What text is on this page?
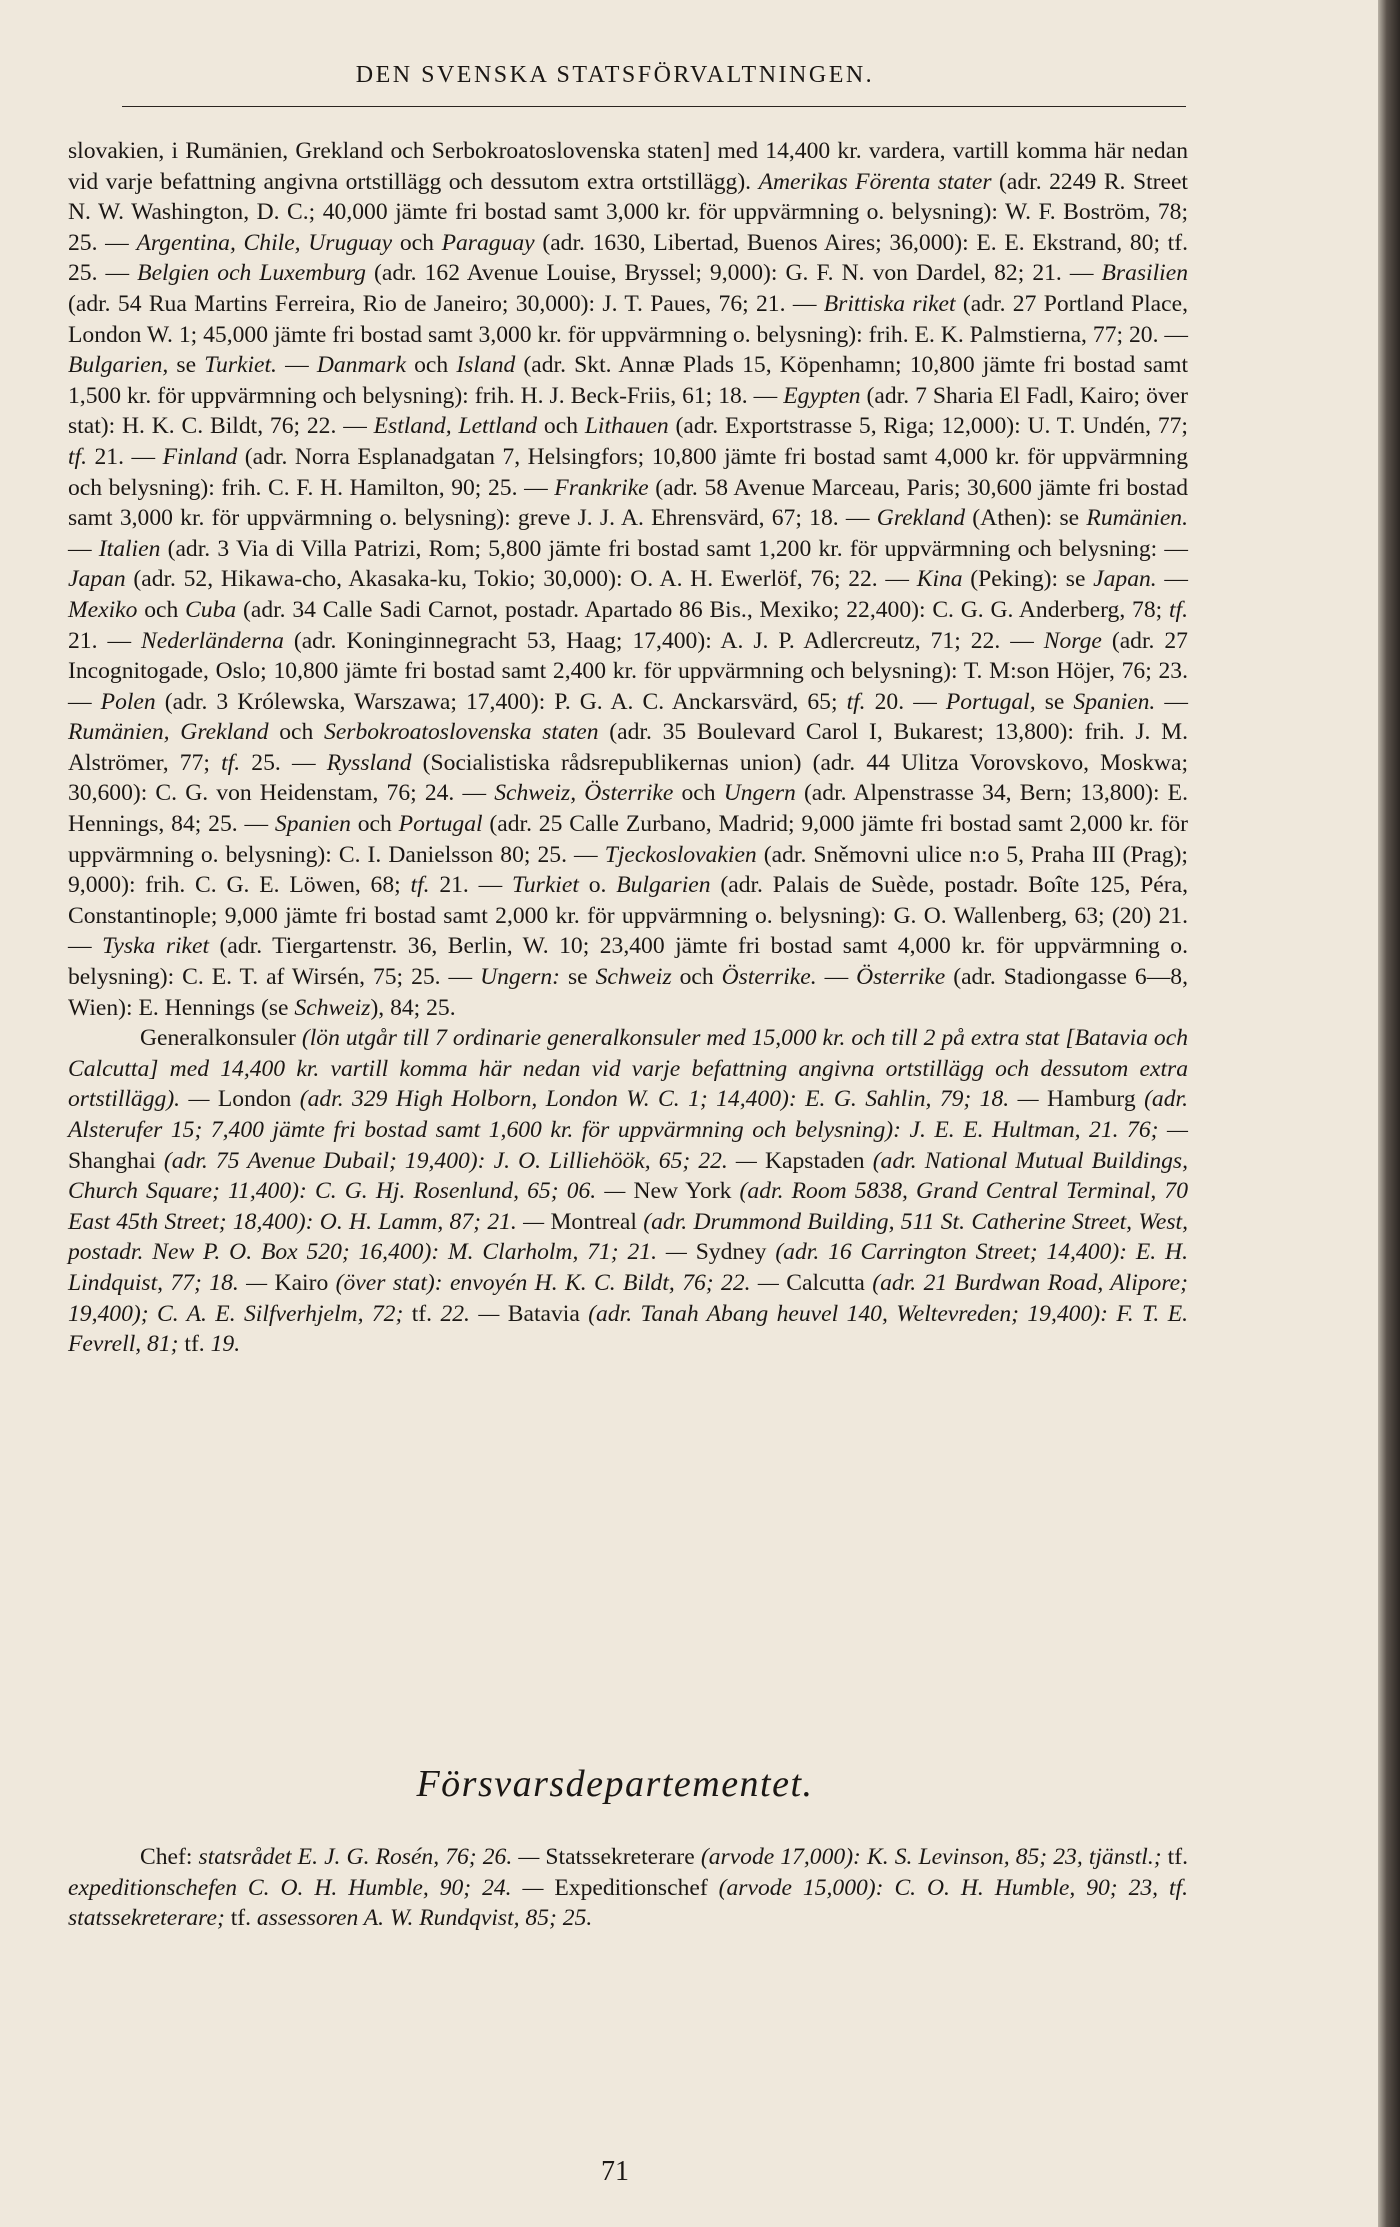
DEN SVENSKA STATSFÖRVALTNINGEN.

slovakien, i Rumänien, Grekland och Serbokroatoslovenska staten] med 14,400 kr. vardera, vartill komma här nedan vid varje befattning angivna ortstillägg och dessutom extra ortstillägg). Amerikas Förenta stater (adr. 2249 R. Street N. W. Washington, D. C.; 40,000 jämte fri bostad samt 3,000 kr. för uppvärmning o. belysning): W. F. Boström, 78; 25. — Argentina, Chile, Uruguay och Paraguay (adr. 1630, Libertad, Buenos Aires; 36,000): E. E. Ekstrand, 80; tf. 25. — Belgien och Luxemburg (adr. 162 Avenue Louise, Bryssel; 9,000): G. F. N. von Dardel, 82; 21. — Brasilien (adr. 54 Rua Martins Ferreira, Rio de Janeiro; 30,000): J. T. Paues, 76; 21. — Brittiska riket (adr. 27 Portland Place, London W. 1; 45,000 jämte fri bostad samt 3,000 kr. för uppvärmning o. belysning): frih. E. K. Palmstierna, 77; 20. — Bulgarien, se Turkiet. — Danmark och Island (adr. Skt. Annæ Plads 15, Köpenhamn; 10,800 jämte fri bostad samt 1,500 kr. för uppvärmning och belysning): frih. H. J. Beck-Friis, 61; 18. — Egypten (adr. 7 Sharia El Fadl, Kairo; över stat): H. K. C. Bildt, 76; 22. — Estland, Lettland och Lithauen (adr. Exportstrasse 5, Riga; 12,000): U. T. Undén, 77; tf. 21. — Finland (adr. Norra Esplanadgatan 7, Helsingfors; 10,800 jämte fri bostad samt 4,000 kr. för uppvärmning och belysning): frih. C. F. H. Hamilton, 90; 25. — Frankrike (adr. 58 Avenue Marceau, Paris; 30,600 jämte fri bostad samt 3,000 kr. för uppvärmning o. belysning): greve J. J. A. Ehrensvärd, 67; 18. — Grekland (Athen): se Rumänien. — Italien (adr. 3 Via di Villa Patrizi, Rom; 5,800 jämte fri bostad samt 1,200 kr. för uppvärmning och belysning: — Japan (adr. 52, Hikawa-cho, Akasaka-ku, Tokio; 30,000): O. A. H. Ewerlöf, 76; 22. — Kina (Peking): se Japan. — Mexiko och Cuba (adr. 34 Calle Sadi Carnot, postadr. Apartado 86 Bis., Mexiko; 22,400): C. G. G. Anderberg, 78; tf. 21. — Nederländerna (adr. Koninginnegracht 53, Haag; 17,400): A. J. P. Adlercreutz, 71; 22. — Norge (adr. 27 Incognitogade, Oslo; 10,800 jämte fri bostad samt 2,400 kr. för uppvärmning och belysning): T. M:son Höjer, 76; 23. — Polen (adr. 3 Królewska, Warszawa; 17,400): P. G. A. C. Anckarsvärd, 65; tf. 20. — Portugal, se Spanien. — Rumänien, Grekland och Serbokroatoslovenska staten (adr. 35 Boulevard Carol I, Bukarest; 13,800): frih. J. M. Alströmer, 77; tf. 25. — Ryssland (Socialistiska rådsrepublikernas union) (adr. 44 Ulitza Vorovskovo, Moskwa; 30,600): C. G. von Heidenstam, 76; 24. — Schweiz, Österrike och Ungern (adr. Alpenstrasse 34, Bern; 13,800): E. Hennings, 84; 25. — Spanien och Portugal (adr. 25 Calle Zurbano, Madrid; 9,000 jämte fri bostad samt 2,000 kr. för uppvärmning o. belysning): C. I. Danielsson 80; 25. — Tjeckoslovakien (adr. Sněmovni ulice n:o 5, Praha III (Prag); 9,000): frih. C. G. E. Löwen, 68; tf. 21. — Turkiet o. Bulgarien (adr. Palais de Suède, postadr. Boîte 125, Péra, Constantinople; 9,000 jämte fri bostad samt 2,000 kr. för uppvärmning o. belysning): G. O. Wallenberg, 63; (20) 21. — Tyska riket (adr. Tiergartenstr. 36, Berlin, W. 10; 23,400 jämte fri bostad samt 4,000 kr. för uppvärmning o. belysning): C. E. T. af Wirsén, 75; 25. — Ungern: se Schweiz och Österrike. — Österrike (adr. Stadiongasse 6—8, Wien): E. Hennings (se Schweiz), 84; 25.

Generalkonsuler (lön utgår till 7 ordinarie generalkonsuler med 15,000 kr. och till 2 på extra stat [Batavia och Calcutta] med 14,400 kr. vartill komma här nedan vid varje befattning angivna ortstillägg och dessutom extra ortstillägg). — London (adr. 329 High Holborn, London W. C. 1; 14,400): E. G. Sahlin, 79; 18. — Hamburg (adr. Alsterufer 15; 7,400 jämte fri bostad samt 1,600 kr. för uppvärmning och belysning): J. E. E. Hultman, 21. 76; — Shanghai (adr. 75 Avenue Dubail; 19,400): J. O. Lilliehöök, 65; 22. — Kapstaden (adr. National Mutual Buildings, Church Square; 11,400): C. G. Hj. Rosenlund, 65; 06. — New York (adr. Room 5838, Grand Central Terminal, 70 East 45th Street; 18,400): O. H. Lamm, 87; 21. — Montreal (adr. Drummond Building, 511 St. Catherine Street, West, postadr. New P. O. Box 520; 16,400): M. Clarholm, 71; 21. — Sydney (adr. 16 Carrington Street; 14,400): E. H. Lindquist, 77; 18. — Kairo (över stat): envoyén H. K. C. Bildt, 76; 22. — Calcutta (adr. 21 Burdwan Road, Alipore; 19,400); C. A. E. Silfverhjelm, 72; tf. 22. — Batavia (adr. Tanah Abang heuvel 140, Weltevreden; 19,400): F. T. E. Fevrell, 81; tf. 19.

Försvarsdepartementet.

Chef: statsrådet E. J. G. Rosén, 76; 26. — Statssekreterare (arvode 17,000): K. S. Levinson, 85; 23, tjänstl.; tf. expeditionschefen C. O. H. Humble, 90; 24. — Expeditionschef (arvode 15,000): C. O. H. Humble, 90; 23, tf. statssekreterare; tf. assessoren A. W. Rundqvist, 85; 25.

71
